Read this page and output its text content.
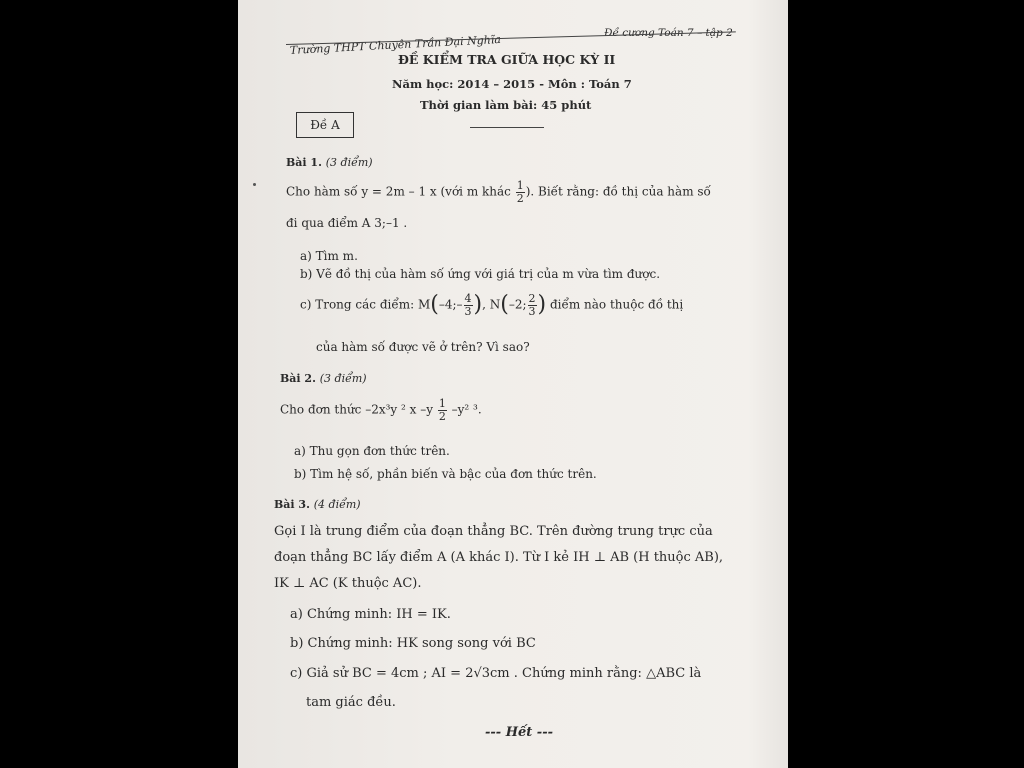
Trường THPT Chuyên Trần Đại Nghĩa	Đề cương Toán 7 – tập 2
ĐỀ KIỂM TRA GIỮA HỌC KỲ II
Năm học: 2014 – 2015 - Môn : Toán 7
Thời gian làm bài: 45 phút
Đề A
Bài 1. (3 điểm)
Cho hàm số y = 2m – 1 x (với m khác $\frac{1}{2}$ ). Biết rằng: đồ thị của hàm số
đi qua điểm A 3;–1 .
a) Tìm m.
b) Vẽ đồ thị của hàm số ứng với giá trị của m vừa tìm được.
c) Trong các điểm: M(–4;– $\frac{4}{3}$ ), N(–2; $\frac{2}{3}$ ) điểm nào thuộc đồ thị
của hàm số được vẽ ở trên? Vì sao?
Bài 2. (3 điểm)
Cho đơn thức –2x³y ² x $-y \frac{1}{2} -y^2$ ³.
a) Thu gọn đơn thức trên.
b) Tìm hệ số, phần biến và bậc của đơn thức trên.
Bài 3. (4 điểm)
Gọi I là trung điểm của đoạn thẳng BC. Trên đường trung trực của
đoạn thẳng BC lấy điểm A (A khác I). Từ I kẻ IH ⊥ AB (H thuộc AB),
IK ⊥ AC (K thuộc AC).
a) Chứng minh: IH = IK.
b) Chứng minh: HK song song với BC
c) Giả sử BC = 4cm ; AI = 2√3cm . Chứng minh rằng: △ABC là
tam giác đều.
--- Hết ---
